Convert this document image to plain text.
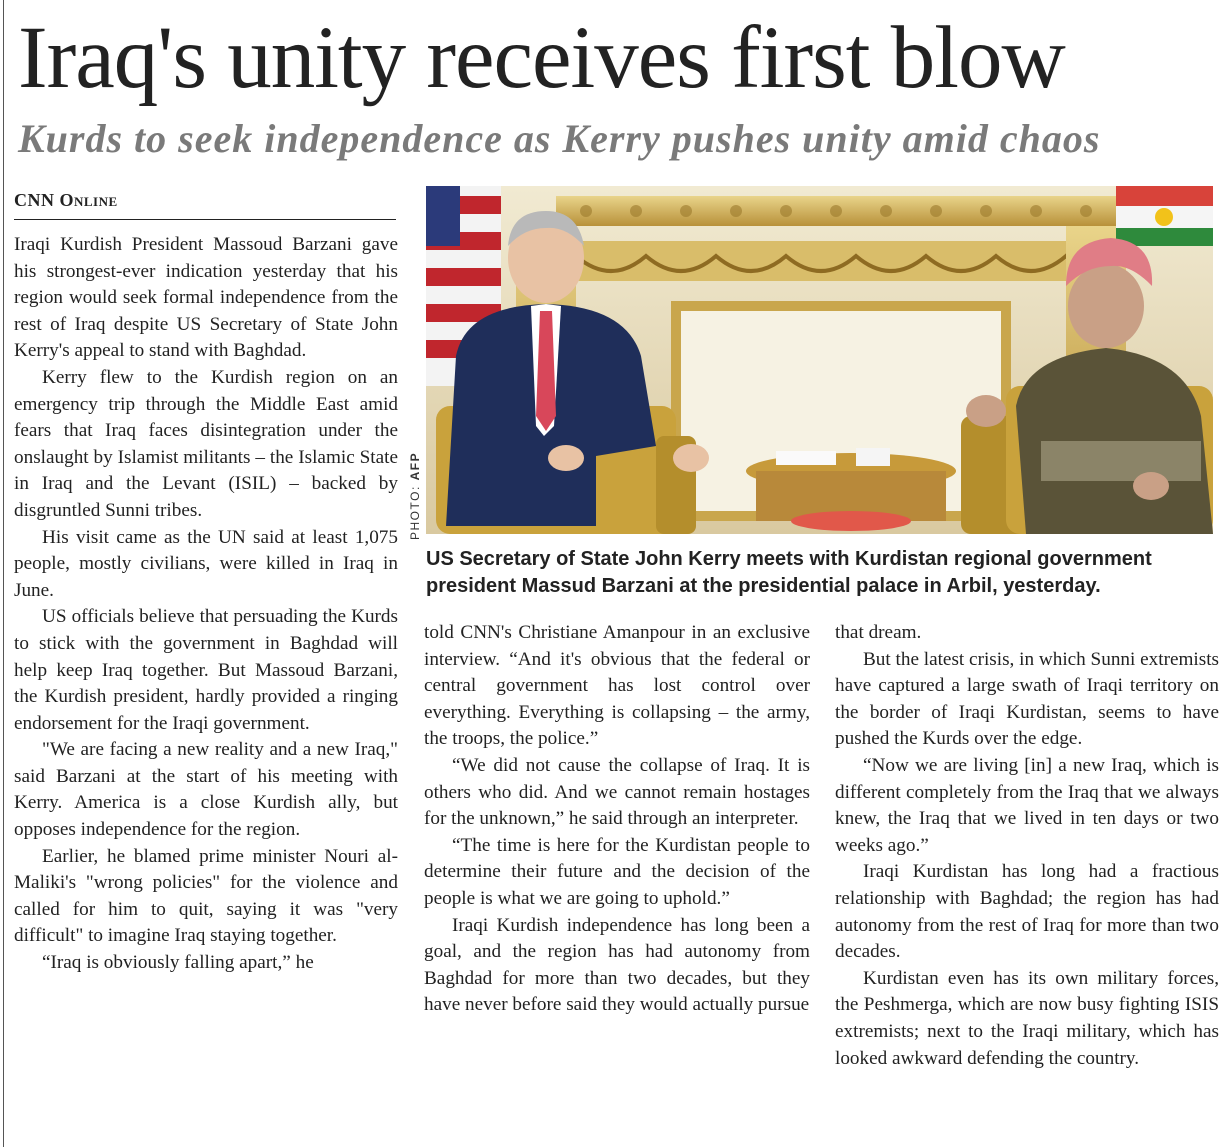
Iraq's unity receives first blow
Kurds to seek independence as Kerry pushes unity amid chaos
CNN Online

Iraqi Kurdish President Massoud Barzani gave his strongest-ever indication yesterday that his region would seek formal independence from the rest of Iraq despite US Secretary of State John Kerry's appeal to stand with Baghdad.

Kerry flew to the Kurdish region on an emergency trip through the Middle East amid fears that Iraq faces disintegration under the onslaught by Islamist militants – the Islamic State in Iraq and the Levant (ISIL) – backed by disgruntled Sunni tribes.

His visit came as the UN said at least 1,075 people, mostly civilians, were killed in Iraq in June.

US officials believe that persuading the Kurds to stick with the government in Baghdad will help keep Iraq together. But Massoud Barzani, the Kurdish president, hardly provided a ringing endorsement for the Iraqi government.

"We are facing a new reality and a new Iraq," said Barzani at the start of his meeting with Kerry. America is a close Kurdish ally, but opposes independence for the region.

Earlier, he blamed prime minister Nouri al-Maliki's "wrong policies" for the violence and called for him to quit, saying it was "very difficult" to imagine Iraq staying together.

“Iraq is obviously falling apart,” he

PHOTO: AFP
US Secretary of State John Kerry meets with Kurdistan regional government president Massud Barzani at the presidential palace in Arbil, yesterday.

told CNN's Christiane Amanpour in an exclusive interview. “And it's obvious that the federal or central government has lost control over everything. Everything is collapsing – the army, the troops, the police.”

“We did not cause the collapse of Iraq. It is others who did. And we cannot remain hostages for the unknown,” he said through an interpreter.

“The time is here for the Kurdistan people to determine their future and the decision of the people is what we are going to uphold.”

Iraqi Kurdish independence has long been a goal, and the region has had autonomy from Baghdad for more than two decades, but they have never before said they would actually pursue

that dream.

But the latest crisis, in which Sunni extremists have captured a large swath of Iraqi territory on the border of Iraqi Kurdistan, seems to have pushed the Kurds over the edge.

“Now we are living [in] a new Iraq, which is different completely from the Iraq that we always knew, the Iraq that we lived in ten days or two weeks ago.”

Iraqi Kurdistan has long had a fractious relationship with Baghdad; the region has had autonomy from the rest of Iraq for more than two decades.

Kurdistan even has its own military forces, the Peshmerga, which are now busy fighting ISIS extremists; next to the Iraqi military, which has looked awkward defending the country.
